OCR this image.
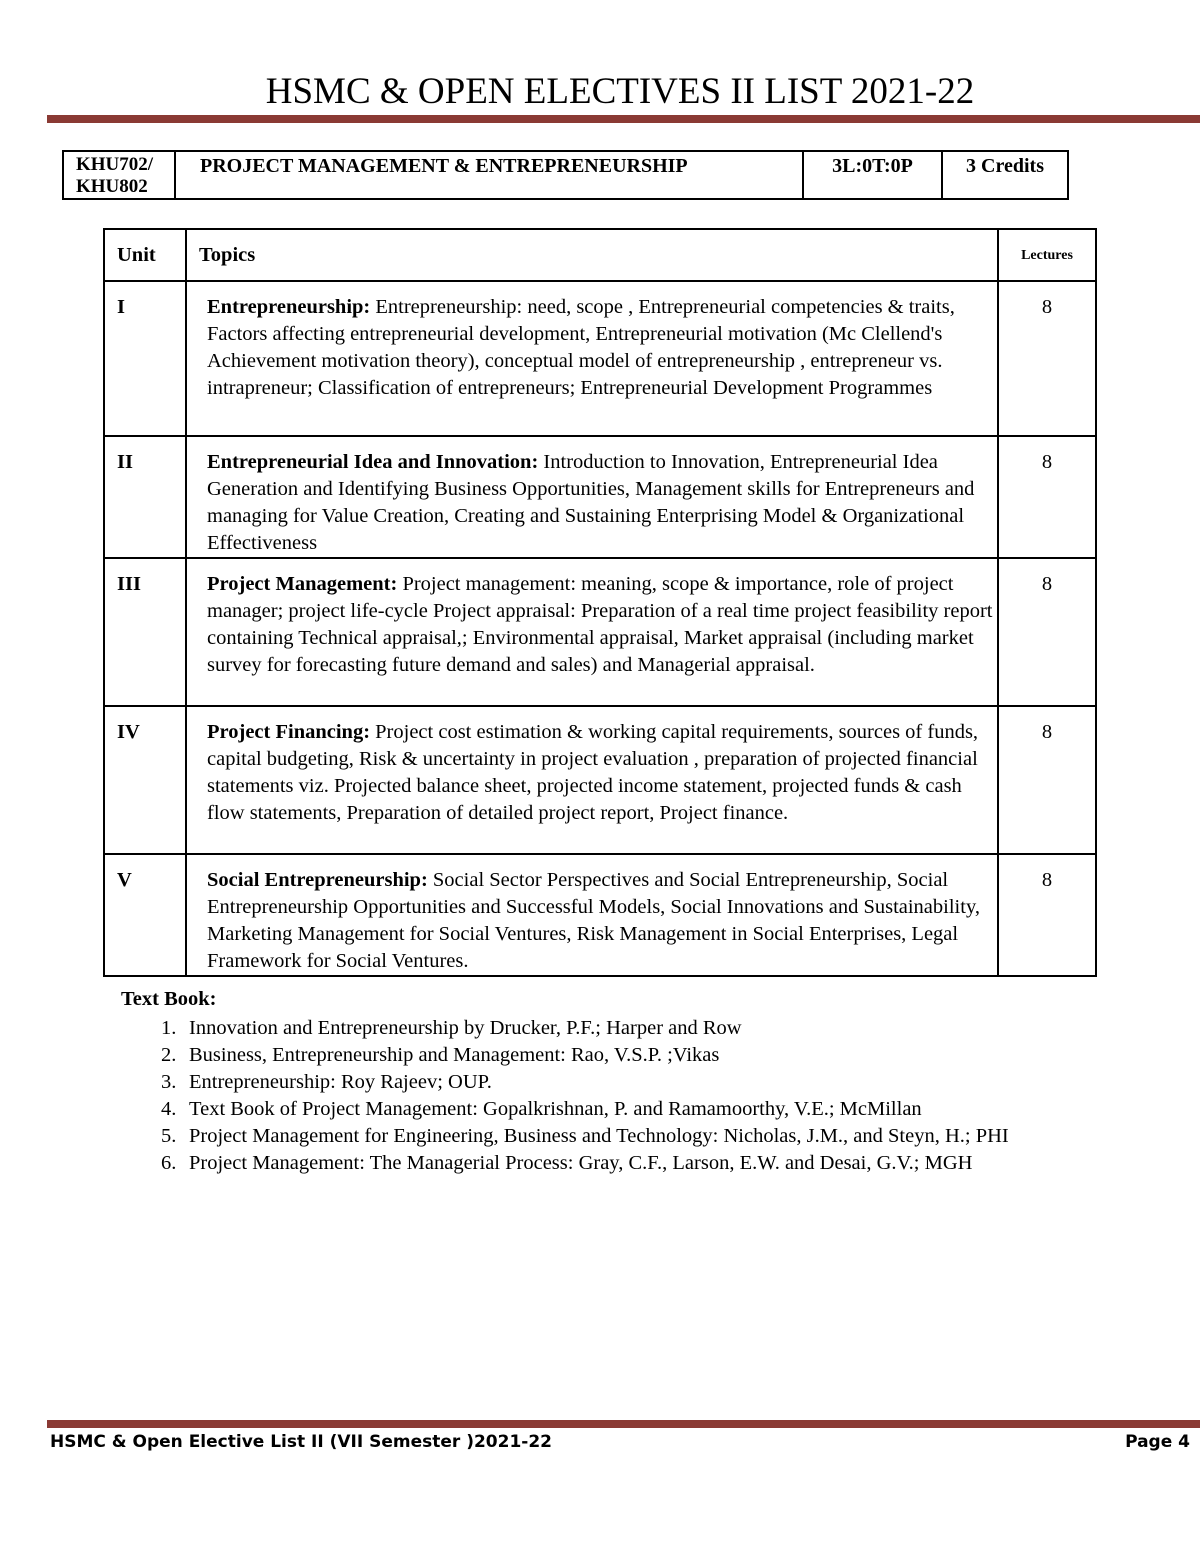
HSMC & OPEN ELECTIVES II LIST 2021-22
KHU702/ KHU802	PROJECT MANAGEMENT & ENTREPRENEURSHIP	3L:0T:0P	3 Credits
Unit	Topics	Lectures
I	Entrepreneurship: Entrepreneurship: need, scope , Entrepreneurial competencies & traits, Factors affecting entrepreneurial development, Entrepreneurial motivation (Mc Clellend's Achievement motivation theory), conceptual model of entrepreneurship , entrepreneur vs. intrapreneur; Classification of entrepreneurs; Entrepreneurial Development Programmes	8
II	Entrepreneurial Idea and Innovation: Introduction to Innovation, Entrepreneurial Idea Generation and Identifying Business Opportunities, Management skills for Entrepreneurs and managing for Value Creation, Creating and Sustaining Enterprising Model & Organizational Effectiveness	8
III	Project Management: Project management: meaning, scope & importance, role of project manager; project life-cycle Project appraisal: Preparation of a real time project feasibility report containing Technical appraisal,; Environmental appraisal, Market appraisal (including market survey for forecasting future demand and sales) and Managerial appraisal.	8
IV	Project Financing: Project cost estimation & working capital requirements, sources of funds, capital budgeting, Risk & uncertainty in project evaluation , preparation of projected financial statements viz. Projected balance sheet, projected income statement, projected funds & cash flow statements, Preparation of detailed project report, Project finance.	8
V	Social Entrepreneurship: Social Sector Perspectives and Social Entrepreneurship, Social Entrepreneurship Opportunities and Successful Models, Social Innovations and Sustainability, Marketing Management for Social Ventures, Risk Management in Social Enterprises, Legal Framework for Social Ventures.	8
Text Book:
1. Innovation and Entrepreneurship by Drucker, P.F.; Harper and Row
2. Business, Entrepreneurship and Management: Rao, V.S.P. ;Vikas
3. Entrepreneurship: Roy Rajeev; OUP.
4. Text Book of Project Management: Gopalkrishnan, P. and Ramamoorthy, V.E.; McMillan
5. Project Management for Engineering, Business and Technology: Nicholas, J.M., and Steyn, H.; PHI
6. Project Management: The Managerial Process: Gray, C.F., Larson, E.W. and Desai, G.V.; MGH
HSMC & Open Elective List II (VII Semester )2021-22	Page 4
